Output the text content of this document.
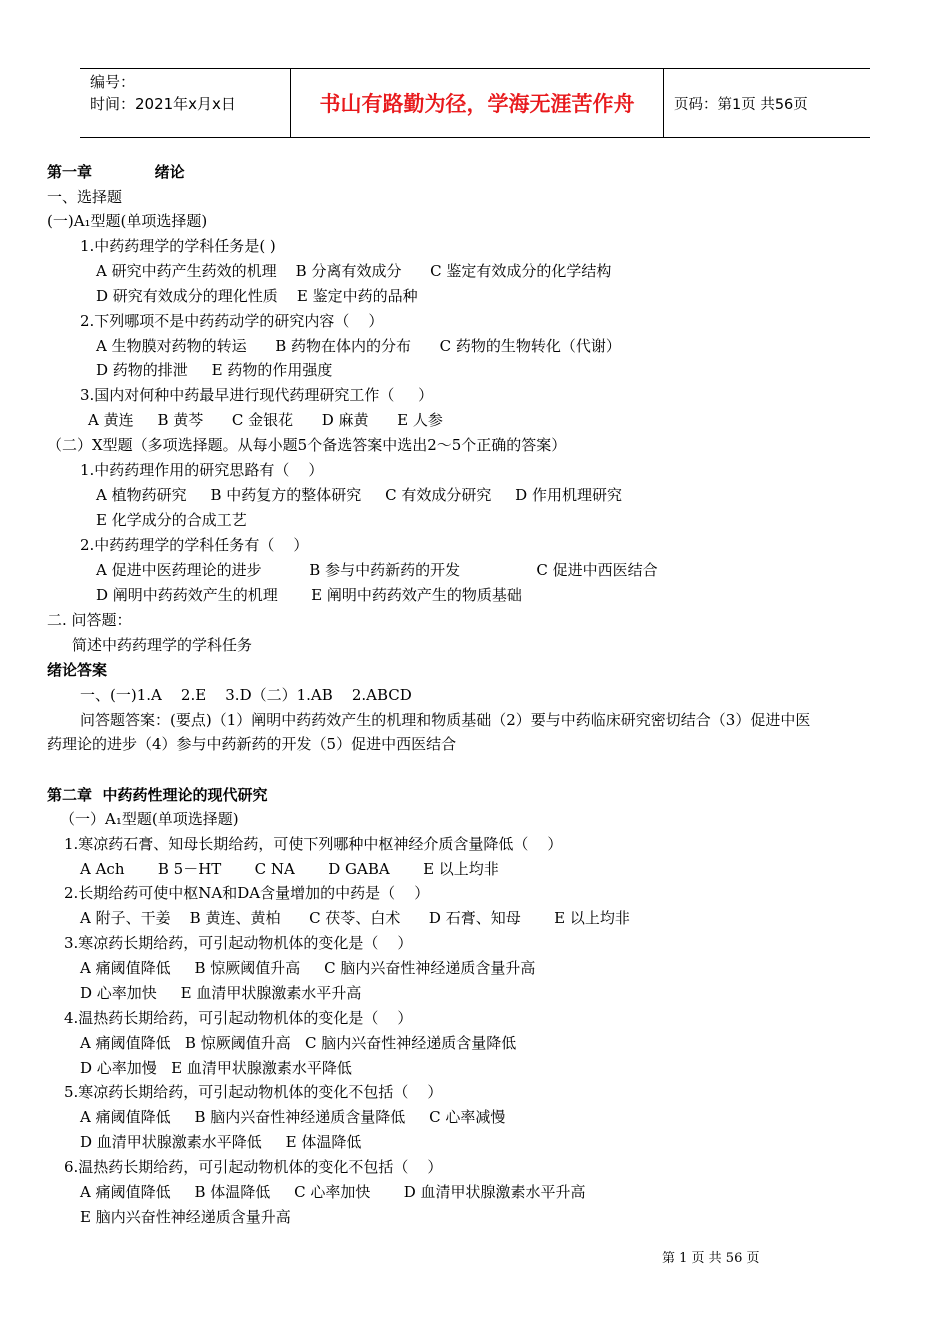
编号：
时间：2021年x月x日	书山有路勤为径，学海无涯苦作舟	页码：第1页 共56页
第一章            绪论
一、选择题
(一)A₁型题(单项选择题)
1.中药药理学的学科任务是( )
A 研究中药产生药效的机理    B 分离有效成分      C 鉴定有效成分的化学结构
D 研究有效成分的理化性质    E 鉴定中药的品种
2.下列哪项不是中药药动学的研究内容（    ）
A 生物膜对药物的转运      B 药物在体内的分布      C 药物的生物转化（代谢）
D 药物的排泄     E 药物的作用强度
3.国内对何种中药最早进行现代药理研究工作（     ）
A 黄连     B 黄芩      C 金银花      D 麻黄      E 人参
（二）X型题（多项选择题。从每小题5个备选答案中选出2～5个正确的答案）
1.中药药理作用的研究思路有（    ）
A 植物药研究     B 中药复方的整体研究     C 有效成分研究     D 作用机理研究
E 化学成分的合成工艺
2.中药药理学的学科任务有（    ）
A 促进中医药理论的进步          B 参与中药新药的开发                C 促进中西医结合
D 阐明中药药效产生的机理       E 阐明中药药效产生的物质基础
二. 问答题：
简述中药药理学的学科任务
绪论答案
一、(一)1.A    2.E    3.D（二）1.AB    2.ABCD
问答题答案：(要点)（1）阐明中药药效产生的机理和物质基础（2）要与中药临床研究密切结合（3）促进中医
药理论的进步（4）参与中药新药的开发（5）促进中西医结合
第二章  中药药性理论的现代研究
（一）A₁型题(单项选择题)
1.寒凉药石膏、知母长期给药，可使下列哪种中枢神经介质含量降低（    ）
A Ach       B 5－HT       C NA       D GABA       E 以上均非
2.长期给药可使中枢NA和DA含量增加的中药是（    ）
A 附子、干姜    B 黄连、黄柏      C 茯苓、白术      D 石膏、知母       E 以上均非
3.寒凉药长期给药，可引起动物机体的变化是（    ）
A 痛阈值降低     B 惊厥阈值升高     C 脑内兴奋性神经递质含量升高
D 心率加快     E 血清甲状腺激素水平升高
4.温热药长期给药，可引起动物机体的变化是（    ）
A 痛阈值降低   B 惊厥阈值升高   C 脑内兴奋性神经递质含量降低
D 心率加慢   E 血清甲状腺激素水平降低
5.寒凉药长期给药，可引起动物机体的变化不包括（    ）
A 痛阈值降低     B 脑内兴奋性神经递质含量降低     C 心率减慢
D 血清甲状腺激素水平降低     E 体温降低
6.温热药长期给药，可引起动物机体的变化不包括（    ）
A 痛阈值降低     B 体温降低     C 心率加快       D 血清甲状腺激素水平升高
E 脑内兴奋性神经递质含量升高
第 1 页 共 56 页
